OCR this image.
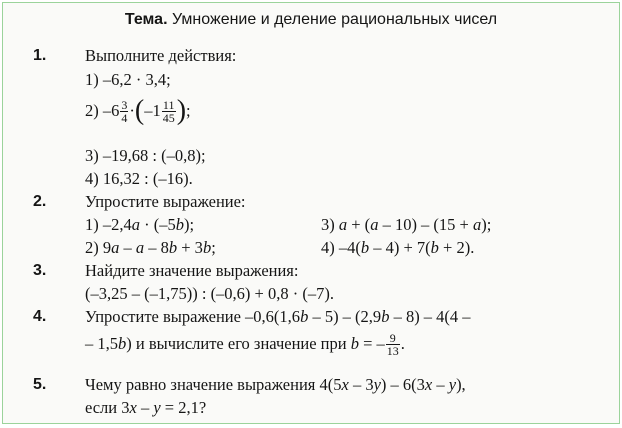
Тема. Умножение и деление рациональных чисел
1. Выполните действия:
1) –6,2 · 3,4;
2)
$-6 \frac{3}{4}$ · ( $-1 \frac{11}{45}$ ) ;
3) –19,68 : (–0,8);
4) 16,32 : (–16).
2. Упростите выражение:
1) –2,4a · (–5b);	3) a + (a – 10) – (15 + a);
2) 9a – a – 8b + 3b;	4) –4(b – 4) + 7(b + 2).
3. Найдите значение выражения:
(–3,25 – (–1,75)) : (–0,6) + 0,8 · (–7).
4. Упростите выражение –0,6(1,6b – 5) – (2,9b – 8) – 4(4 –
– 1,5 b ) и вычислите его значение при b = – $\frac{9}{13}$ .
5. Чему равно значение выражения 4(5x – 3y) – 6(3x – y),
если 3x – y = 2,1?
